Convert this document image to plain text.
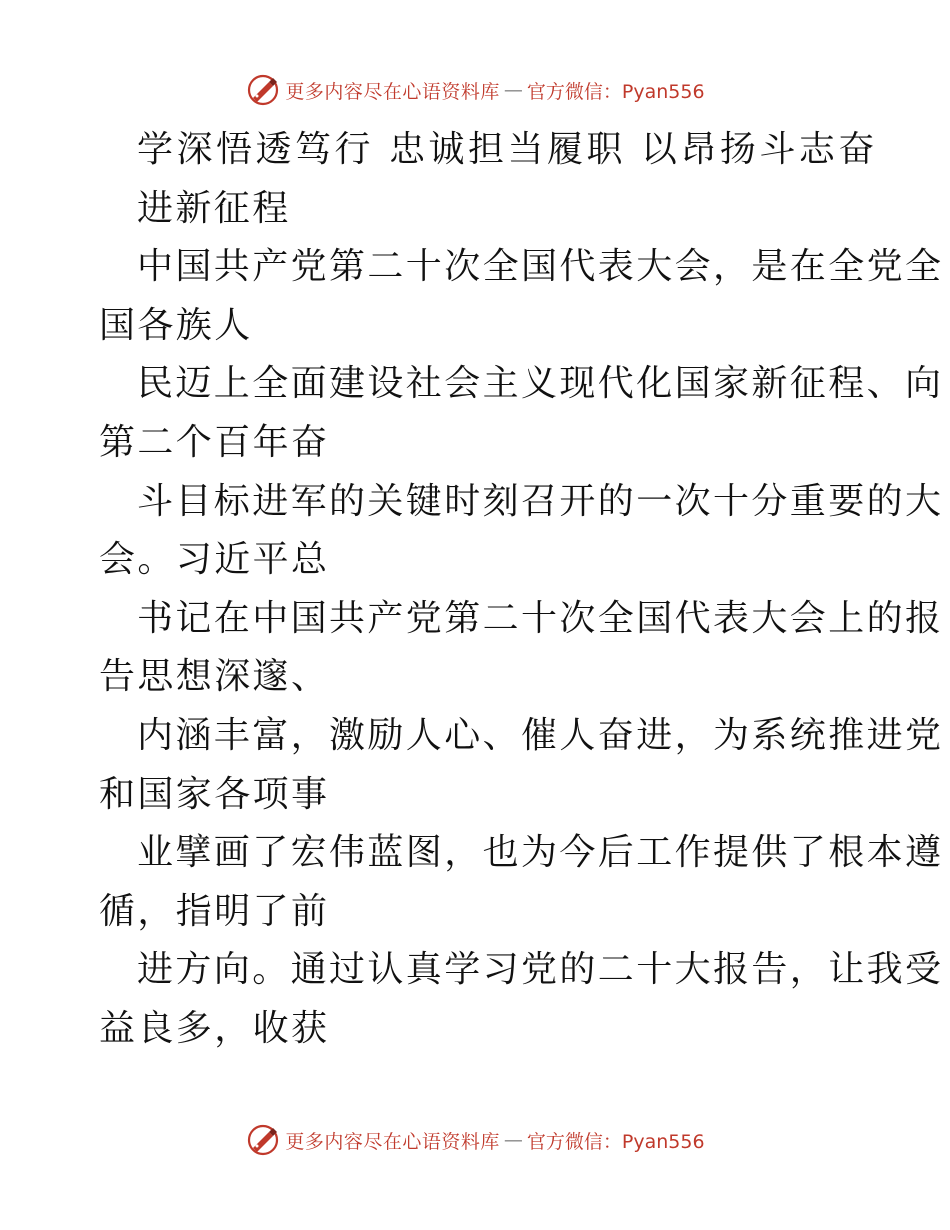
更多内容尽在心语资料库 — 官方微信：Pyan556
学深悟透笃行 忠诚担当履职 以昂扬斗志奋
进新征程
中国共产党第二十次全国代表大会，是在全党全
国各族人
民迈上全面建设社会主义现代化国家新征程、向
第二个百年奋
斗目标进军的关键时刻召开的一次十分重要的大
会。习近平总
书记在中国共产党第二十次全国代表大会上的报
告思想深邃、
内涵丰富，激励人心、催人奋进，为系统推进党
和国家各项事
业擘画了宏伟蓝图，也为今后工作提供了根本遵
循，指明了前
进方向。通过认真学习党的二十大报告，让我受
益良多，收获
更多内容尽在心语资料库 — 官方微信：Pyan556
